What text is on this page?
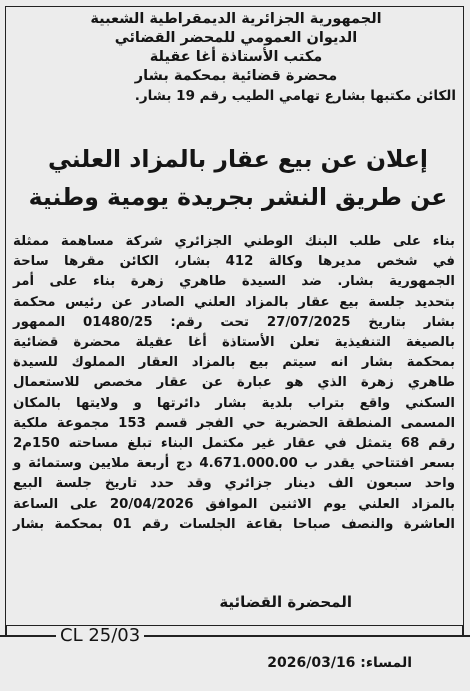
الجمهورية الجزائرية الديمقراطية الشعبية
الديوان العمومي للمحضر القضائي
مكتب الأستاذة أغا عقيلة
محضرة قضائية بمحكمة بشار
الكائن مكتبها بشارع تهامي الطيب رقم 19 بشار.
إعلان عن بيع عقار بالمزاد العلني
عن طريق النشر بجريدة يومية وطنية
بناء على طلب البنك الوطني الجزائري شركة مساهمة ممثلة
في شخص مديرها وكالة 412 بشار، الكائن مقرها ساحة
الجمهورية بشار. ضد السيدة طاهري زهرة بناء على أمر
بتحديد جلسة بيع عقار بالمزاد العلني الصادر عن رئيس محكمة
بشار بتاريخ 27/07/2025 تحت رقم: 01480/25 الممهور
بالصيغة التنفيذية تعلن الأستاذة أغا عقيلة محضرة قضائية
بمحكمة بشار انه سيتم بيع بالمزاد العقار المملوك للسيدة
طاهري زهرة الذي هو عبارة عن عقار مخصص للاستعمال
السكني واقع بتراب بلدية بشار دائرتها و ولايتها بالمكان
المسمى المنطقة الحضرية حي الفجر قسم 153 مجموعة ملكية
رقم 68 يتمثل في عقار غير مكتمل البناء تبلغ مساحته 150م2
بسعر افتتاحي يقدر ب 4.671.000.00 دج أربعة ملايين وستمائة و
واحد سبعون الف دينار جزائري وقد حدد تاريخ جلسة البيع
بالمزاد العلني يوم الاثنين الموافق 20/04/2026 على الساعة
العاشرة والنصف صباحا بقاعة الجلسات رقم 01 بمحكمة بشار
المحضرة القضائية
CL 25/03
المساء: 2026/03/16
